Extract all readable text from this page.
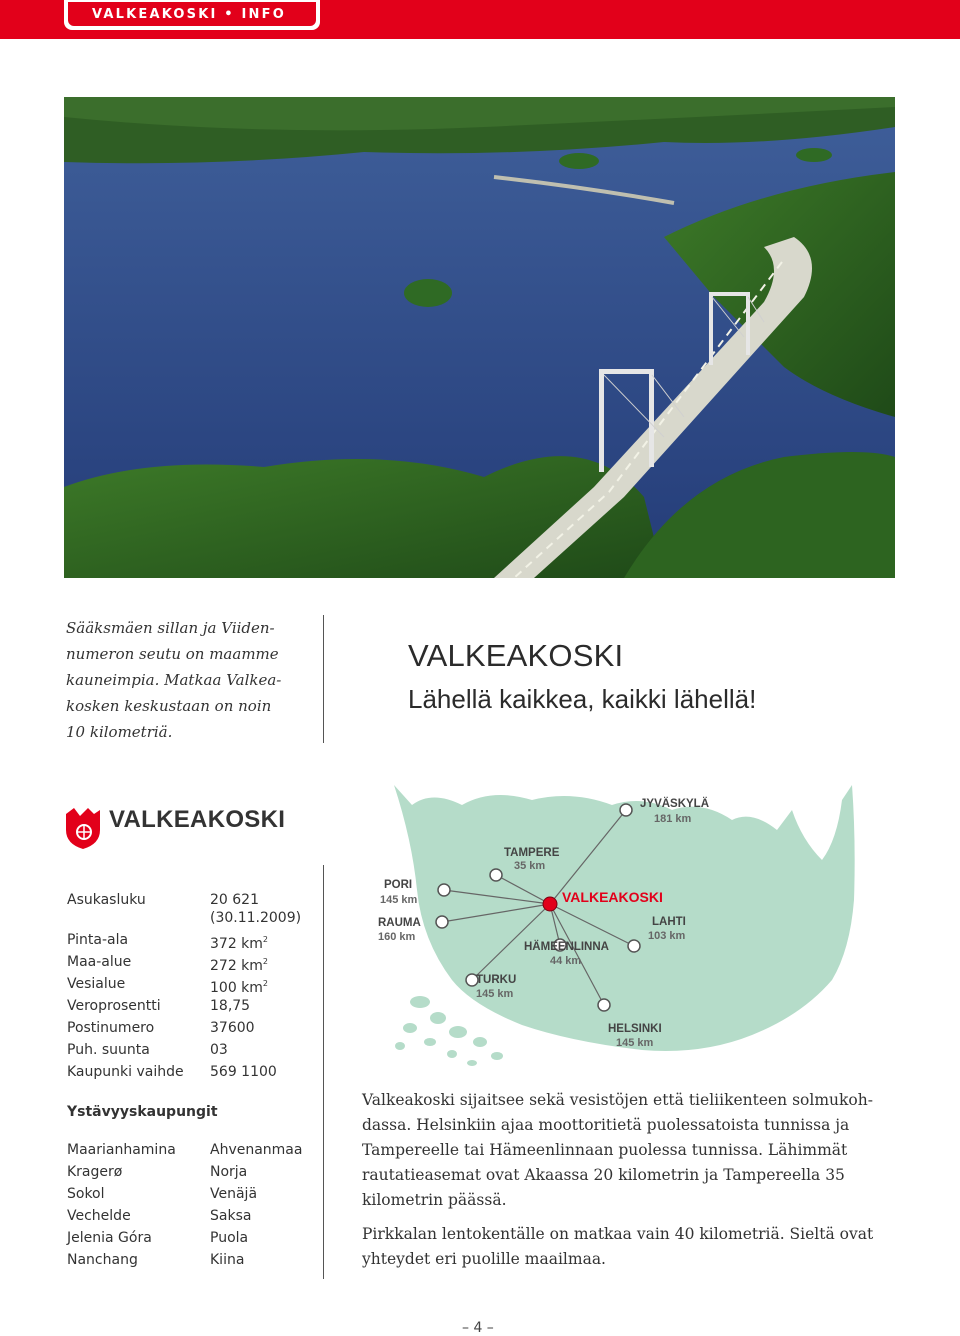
VALKEAKOSKI • INFO
Sääksmäen sillan ja Viiden-
numeron seutu on maamme
kauneimpia. Matkaa Valkea-
kosken keskustaan on noin
10 kilometriä.
VALKEAKOSKI
Lähellä kaikkea, kaikki lähellä!
VALKEAKOSKI
Asukasluku	20 621
(30.11.2009)
Pinta-ala	372 $km^2$
Maa-alue	272 $km^2$
Vesialue	100 $km^2$
Veroprosentti	18,75
Postinumero	37600
Puh. suunta	03
Kaupunki vaihde 569 1100
Ystävyyskaupungit
Maarianhamina Ahvenanmaa
Kragerø	Norja
Sokol	Venäjä
Vechelde	Saksa
Jelenia Góra	Puola
Nanchang	Kiina
VALKEAKOSKI
JYVÄSKYLÄ
181 km
TAMPERE
35 km
PORI
145 km
RAUMA
160 km
HÄMEENLINNA
44 km
LAHTI
103 km
TURKU
145 km
HELSINKI
145 km

Valkeakoski sijaitsee sekä vesistöjen että tieliikenteen solmukoh-
dassa. Helsinkiin ajaa moottoritietä puolessatoista tunnissa ja
Tampereelle tai Hämeenlinnaan puolessa tunnissa. Lähimmät
rautatieasemat ovat Akaassa 20 kilometrin ja Tampereella 35
kilometrin päässä.

Pirkkalan lentokentälle on matkaa vain 40 kilometriä. Sieltä ovat
yhteydet eri puolille maailmaa.

– 4 –
